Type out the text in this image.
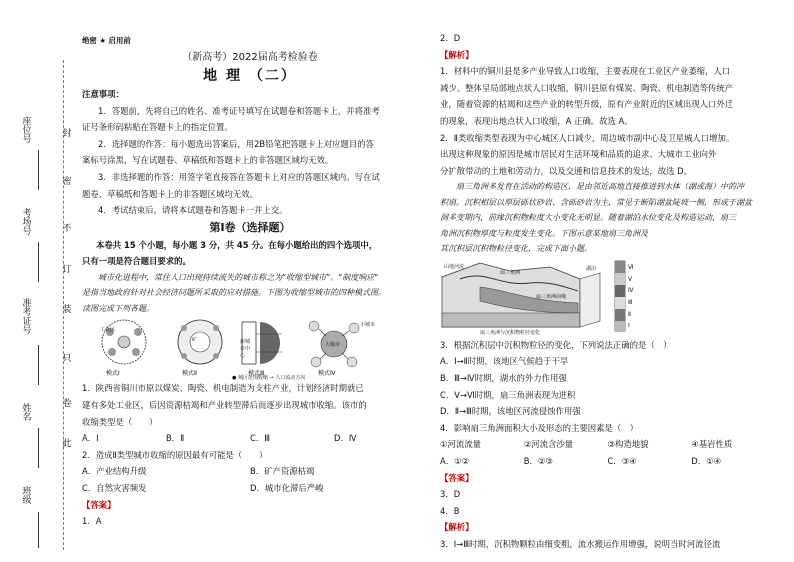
封
密
不
订
装
只
卷
此
座位号
考场号
准考证号
姓名
班级

绝密 ★ 启用前

（新高考）2022届高考检验卷

地 理 （二）

注意事项：

1．答题前，先将自己的姓名、准考证号填写在试题卷和答题卡上，并将准考

证号条形码粘贴在答题卡上的指定位置。

2．选择题的作答：每小题选出答案后，用2B铅笔把答题卡上对应题目的答

案标号涂黑，写在试题卷、草稿纸和答题卡上的非答题区域均无效。

3．非选择题的作答：用签字笔直接答在答题卡上对应的答题区域内。写在试

题卷、草稿纸和答题卡上的非答题区域均无效。

4．考试结束后，请将本试题卷和答题卡一并上交。

第Ⅰ卷（选择题）

本卷共 15 个小题，每小题 3 分，共 45 分。在每小题给出的四个选项中，

只有一项是符合题目要求的。

城市化进程中，常住人口出现持续流失的城市称之为“收缩型城市”。“制度响应”

是指当地政府针对社会经济问题所采取的应对措施。下图为收缩型城市的四种模式图。

读图完成下列各题。

工业区
矿	新城市中心
大城市
小城市
模式Ⅰ	模式Ⅱ	模式Ⅲ	模式Ⅳ
● 城区范围收缩 → 人口流动方向

1．陕西省铜川市原以煤炭、陶瓷、机电制造为支柱产业，计划经济时期就已

建有多处工业区，后因资源枯竭和产业转型滞后而逐步出现城市收缩。该市的

收缩类型是（　　）

A．Ⅰ	B．Ⅱ	C．Ⅲ	D．Ⅳ

2．造成Ⅱ类型城市收缩的原因最有可能是（　　）

A．产业结构升级	B．矿产资源枯竭
C．自然灾害频发	D．城市化滞后严峻

【答案】

1．A

2．D

【解析】

1．材料中的铜川县是多产业导致人口收缩，主要表现在工业区产业萎缩，人口

减少。整体呈局部地点状人口收缩，铜川县原有煤炭、陶瓷、机电制造等传统产

业，随着资源的枯竭和这些产业的转型升级，原有产业附近的区域出现人口外迁

的现象，表现出地点状人口收缩，A 正确。故选 A。

2．Ⅱ类收缩类型表现为中心城区人口减少，周边城市副中心及卫星城人口增加。

出现这种现象的原因是城市居民对生活环境和品质的追求、大城市工业向外

分扩散带动的土地和劳动力，以及交通和信息技术的发达，故选 D。

扇三角洲多发育在活动的构造区，是由邻近高地直接推进到水体（湖或海）中的冲

积扇。沉积相层以厚层砾状砂岩、含砾砂岩为主，常见于断陷湖盆陡坡一侧，形成于湖盆

洞多变期内，前缘沉积物粒度大小变化无明显。随着湖泊水位变化及构造运动，扇三

角洲沉积物厚度与粒度发生变化。下图示意某地扇三角洲及

其沉积层沉积物粒径变化，完成下面小题。

山地河流
扇三角洲
扇三角洲前缘
湖泊	Ⅵ
Ⅴ
Ⅳ
Ⅲ
Ⅱ
Ⅰ
扇三角洲与沉积物粒径变化

3．根据沉积层中沉积物粒径的变化，下列说法正确的是（　）

A．Ⅰ→Ⅱ时期，该地区气候趋于干旱

B．Ⅲ→Ⅳ时期，湖水的外力作用强

C．Ⅴ→Ⅵ时期，扇三角洲表现为进积

D．Ⅱ→Ⅲ时期，该地区河流侵蚀作用强

4．影响扇三角洲面积大小及形态的主要因素是（　）

①河流流量	②河流含沙量	③构造地貌	④基岩性质
A．①②	B．②③	C．③④	D．①④

【答案】

3．D

4．B

【解析】

3．Ⅰ→Ⅲ时期，沉积物颗粒由细变粗，流水搬运作用增强，说明当时河流径流
